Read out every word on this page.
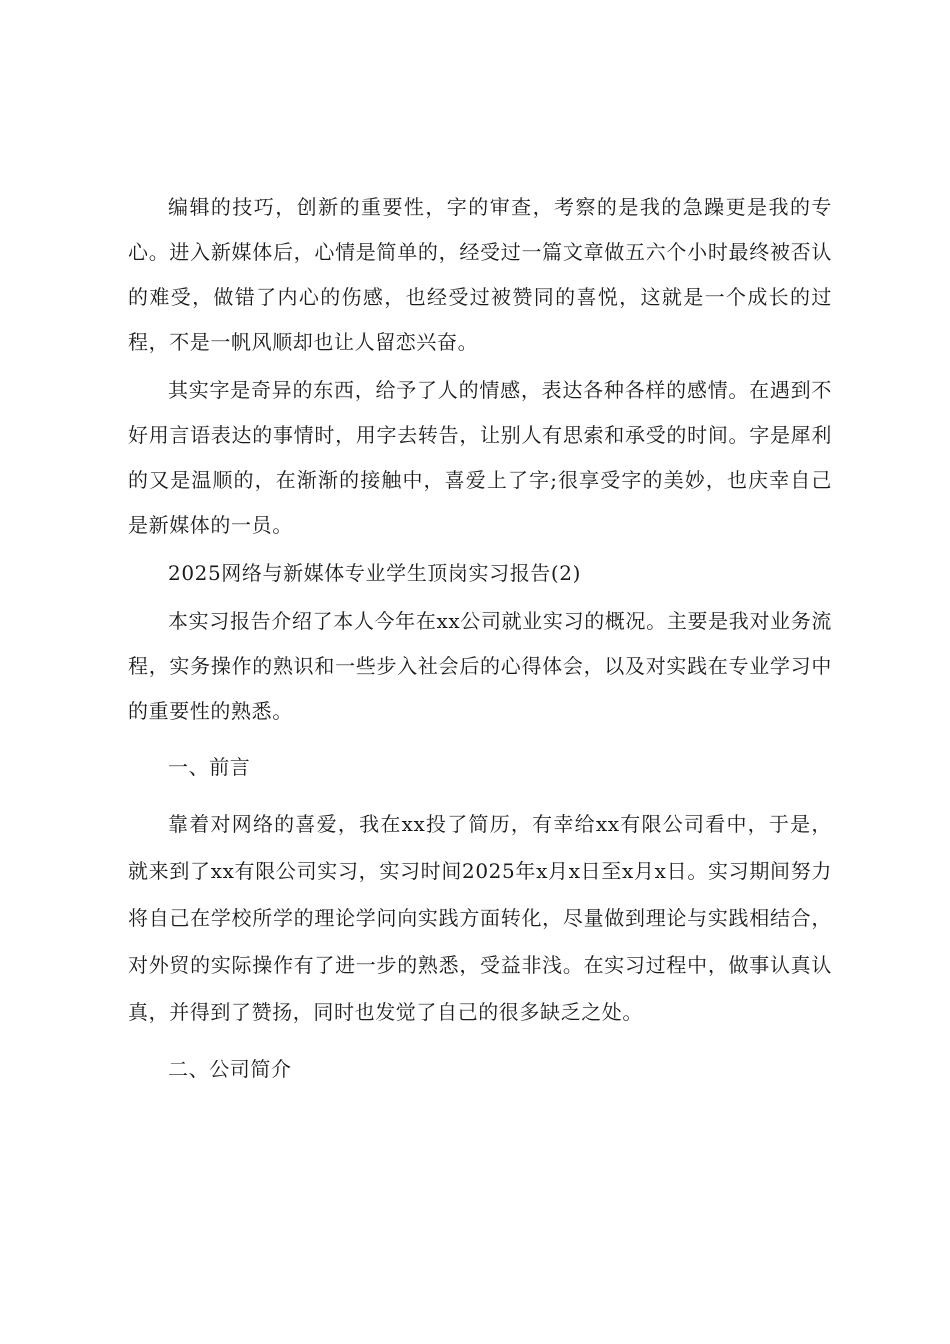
编辑的技巧，创新的重要性，字的审查，考察的是我的急躁更是我的专心。进入新媒体后，心情是简单的，经受过一篇文章做五六个小时最终被否认的难受，做错了内心的伤感，也经受过被赞同的喜悦，这就是一个成长的过程，不是一帆风顺却也让人留恋兴奋。

其实字是奇异的东西，给予了人的情感，表达各种各样的感情。在遇到不好用言语表达的事情时，用字去转告，让别人有思索和承受的时间。字是犀利的又是温顺的，在渐渐的接触中，喜爱上了字;很享受字的美妙，也庆幸自己是新媒体的一员。

2025网络与新媒体专业学生顶岗实习报告(2)

本实习报告介绍了本人今年在xx公司就业实习的概况。主要是我对业务流程，实务操作的熟识和一些步入社会后的心得体会，以及对实践在专业学习中的重要性的熟悉。

一、前言

靠着对网络的喜爱，我在xx投了简历，有幸给xx有限公司看中，于是，就来到了xx有限公司实习，实习时间2025年x月x日至x月x日。实习期间努力将自己在学校所学的理论学问向实践方面转化，尽量做到理论与实践相结合，对外贸的实际操作有了进一步的熟悉，受益非浅。在实习过程中，做事认真认真，并得到了赞扬，同时也发觉了自己的很多缺乏之处。

二、公司简介
